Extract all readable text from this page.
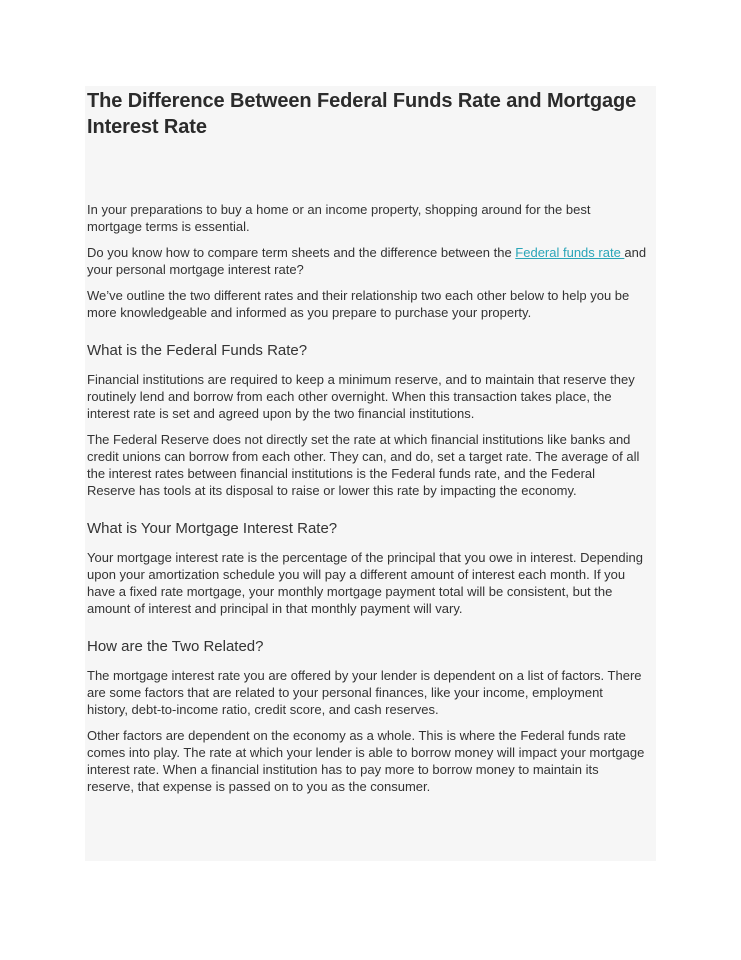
The Difference Between Federal Funds Rate and Mortgage Interest Rate

In your preparations to buy a home or an income property, shopping around for the best mortgage terms is essential.

Do you know how to compare term sheets and the difference between the Federal funds rate and your personal mortgage interest rate?

We’ve outline the two different rates and their relationship two each other below to help you be more knowledgeable and informed as you prepare to purchase your property.

What is the Federal Funds Rate?

Financial institutions are required to keep a minimum reserve, and to maintain that reserve they routinely lend and borrow from each other overnight. When this transaction takes place, the interest rate is set and agreed upon by the two financial institutions.

The Federal Reserve does not directly set the rate at which financial institutions like banks and credit unions can borrow from each other. They can, and do, set a target rate. The average of all the interest rates between financial institutions is the Federal funds rate, and the Federal Reserve has tools at its disposal to raise or lower this rate by impacting the economy.

What is Your Mortgage Interest Rate?

Your mortgage interest rate is the percentage of the principal that you owe in interest. Depending upon your amortization schedule you will pay a different amount of interest each month. If you have a fixed rate mortgage, your monthly mortgage payment total will be consistent, but the amount of interest and principal in that monthly payment will vary.

How are the Two Related?

The mortgage interest rate you are offered by your lender is dependent on a list of factors. There are some factors that are related to your personal finances, like your income, employment history, debt-to-income ratio, credit score, and cash reserves.

Other factors are dependent on the economy as a whole. This is where the Federal funds rate comes into play. The rate at which your lender is able to borrow money will impact your mortgage interest rate. When a financial institution has to pay more to borrow money to maintain its reserve, that expense is passed on to you as the consumer.
